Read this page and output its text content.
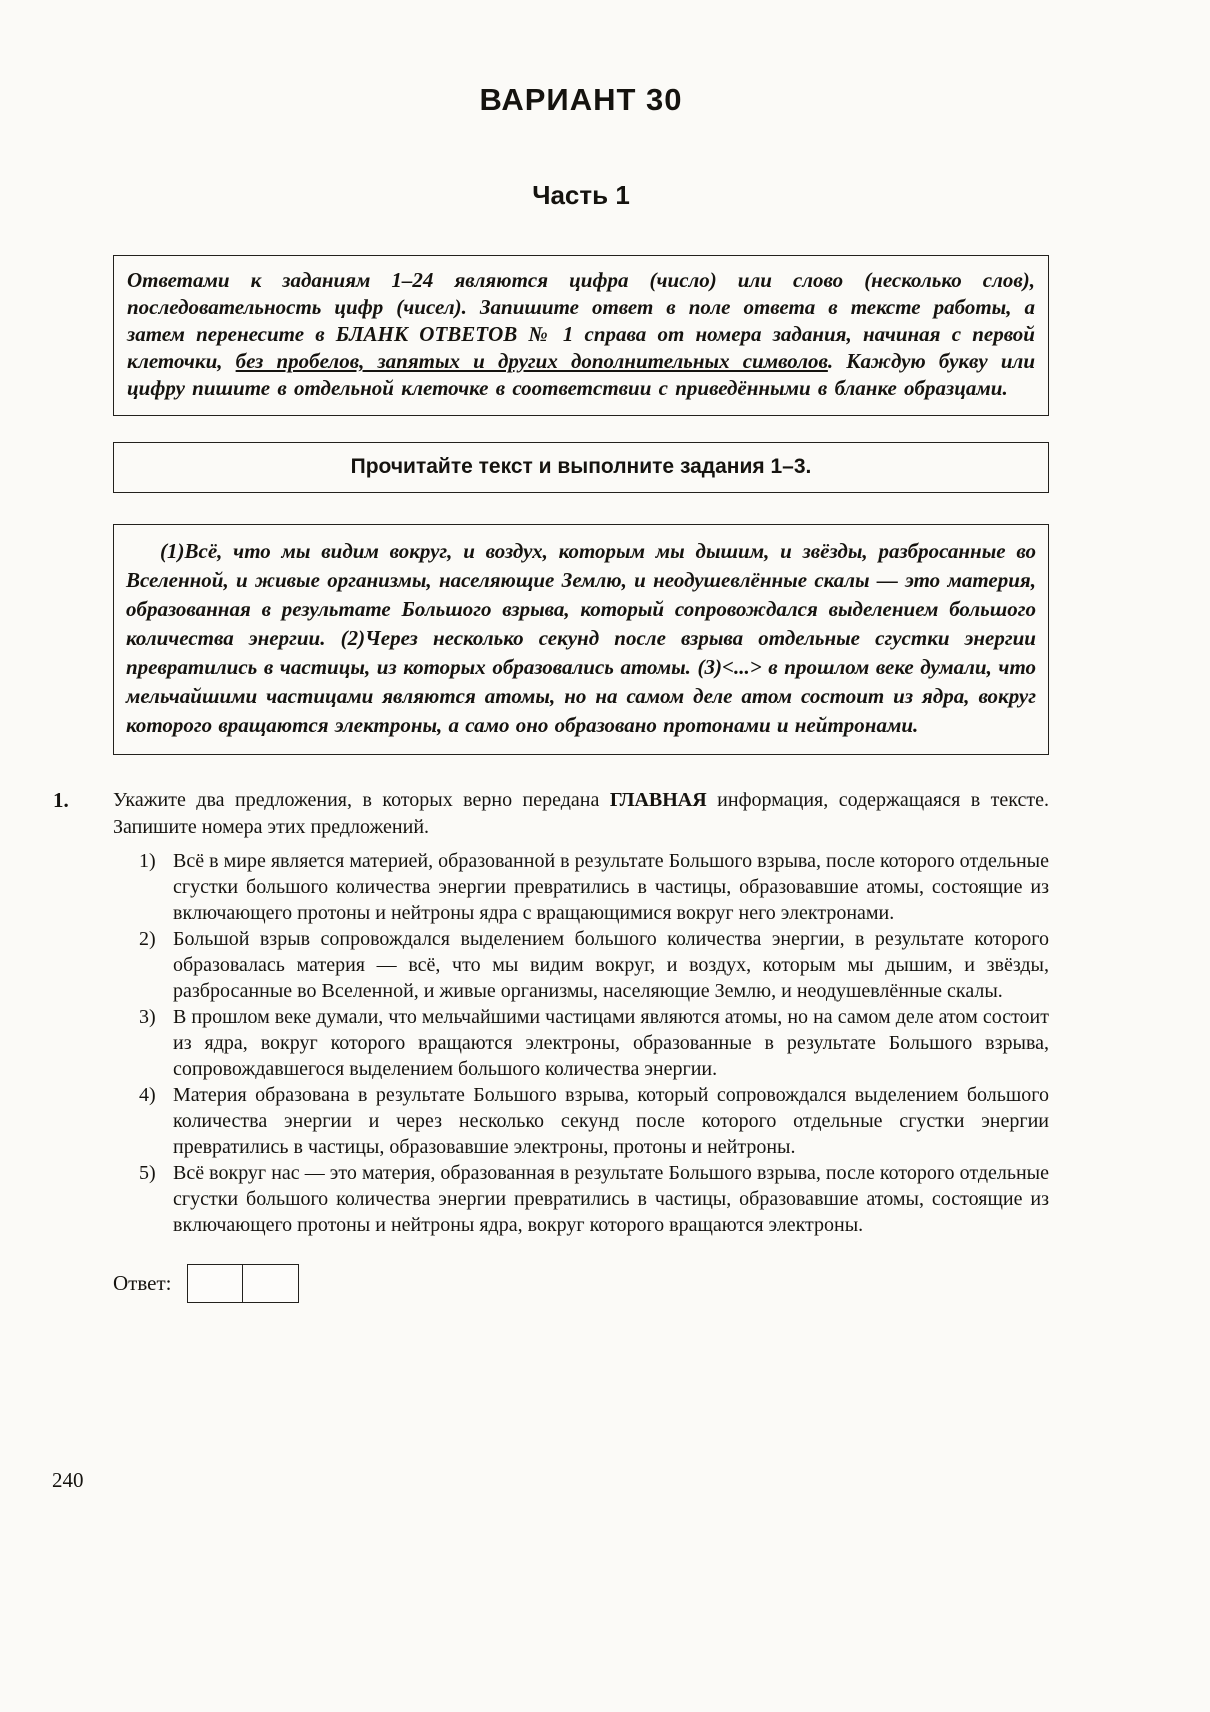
ВАРИАНТ 30
Часть 1

Ответами к заданиям 1–24 являются цифра (число) или слово (несколько слов), последовательность цифр (чисел). Запишите ответ в поле ответа в тексте работы, а затем перенесите в БЛАНК ОТВЕТОВ № 1 справа от номера задания, начиная с первой клеточки, без пробелов, запятых и других дополнительных символов. Каждую букву или цифру пишите в отдельной клеточке в соответствии с приведёнными в бланке образцами.

Прочитайте текст и выполните задания 1–3.

(1)Всё, что мы видим вокруг, и воздух, которым мы дышим, и звёзды, разбросанные во Вселенной, и живые организмы, населяющие Землю, и неодушевлённые скалы — это материя, образованная в результате Большого взрыва, который сопровождался выделением большого количества энергии. (2)Через несколько секунд после взрыва отдельные сгустки энергии превратились в частицы, из которых образовались атомы. (3)<...> в прошлом веке думали, что мельчайшими частицами являются атомы, но на самом деле атом состоит из ядра, вокруг которого вращаются электроны, а само оно образовано протонами и нейтронами.

1. Укажите два предложения, в которых верно передана ГЛАВНАЯ информация, содержащаяся в тексте. Запишите номера этих предложений.

1) Всё в мире является материей, образованной в результате Большого взрыва, после которого отдельные сгустки большого количества энергии превратились в частицы, образовавшие атомы, состоящие из включающего протоны и нейтроны ядра с вращающимися вокруг него электронами.
2) Большой взрыв сопровождался выделением большого количества энергии, в результате которого образовалась материя — всё, что мы видим вокруг, и воздух, которым мы дышим, и звёзды, разбросанные во Вселенной, и живые организмы, населяющие Землю, и неодушевлённые скалы.
3) В прошлом веке думали, что мельчайшими частицами являются атомы, но на самом деле атом состоит из ядра, вокруг которого вращаются электроны, образованные в результате Большого взрыва, сопровождавшегося выделением большого количества энергии.
4) Материя образована в результате Большого взрыва, который сопровождался выделением большого количества энергии и через несколько секунд после которого отдельные сгустки энергии превратились в частицы, образовавшие электроны, протоны и нейтроны.
5) Всё вокруг нас — это материя, образованная в результате Большого взрыва, после которого отдельные сгустки большого количества энергии превратились в частицы, образовавшие атомы, состоящие из включающего протоны и нейтроны ядра, вокруг которого вращаются электроны.
Ответ:
240
